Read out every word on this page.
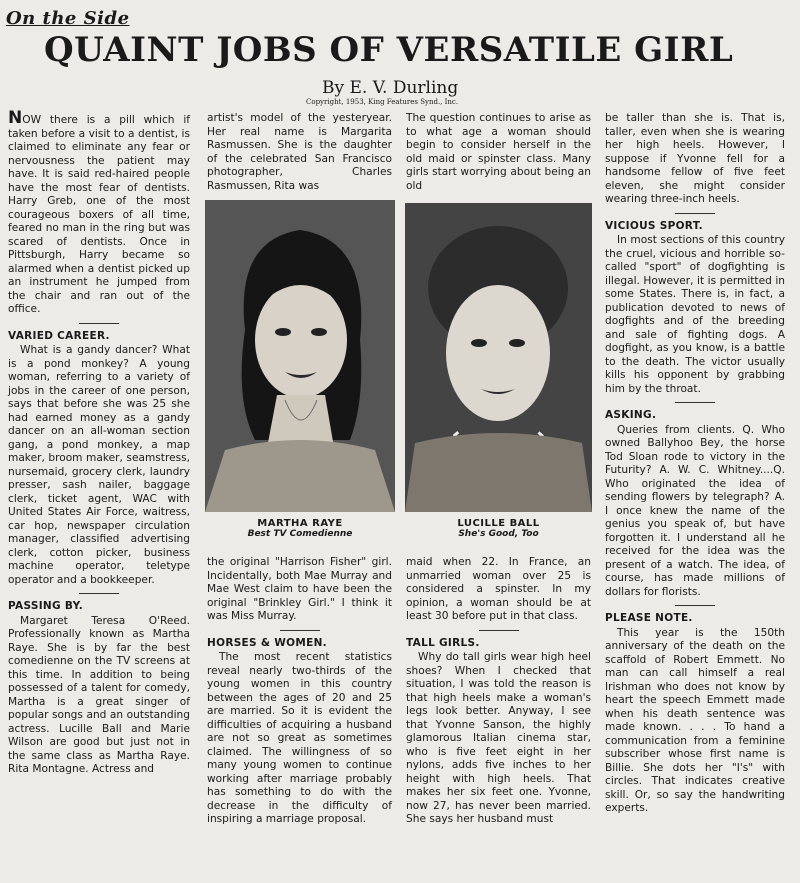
On the Side
QUAINT JOBS OF VERSATILE GIRL
By E. V. Durling
Copyright, 1953, King Features Synd., Inc.

NOW there is a pill which if taken before a visit to a dentist, is claimed to eliminate any fear or nervousness the patient may have. It is said red-haired people have the most fear of dentists. Harry Greb, one of the most courageous boxers of all time, feared no man in the ring but was scared of dentists. Once in Pittsburgh, Harry became so alarmed when a dentist picked up an instrument he jumped from the chair and ran out of the office.

VARIED CAREER.

What is a gandy dancer? What is a pond monkey? A young woman, referring to a variety of jobs in the career of one person, says that before she was 25 she had earned money as a gandy dancer on an all-woman section gang, a pond monkey, a map maker, broom maker, seamstress, nursemaid, grocery clerk, laundry presser, sash nailer, baggage clerk, ticket agent, WAC with United States Air Force, waitress, car hop, newspaper circulation manager, classified advertising clerk, cotton picker, business machine operator, teletype operator and a bookkeeper.

PASSING BY.

Margaret Teresa O'Reed. Professionally known as Martha Raye. She is by far the best comedienne on the TV screens at this time. In addition to being possessed of a talent for comedy, Martha is a great singer of popular songs and an outstanding actress. Lucille Ball and Marie Wilson are good but just not in the same class as Martha Raye. Rita Montagne. Actress and

artist's model of the yesteryear. Her real name is Margarita Rasmussen. She is the daughter of the celebrated San Francisco photographer, Charles Rasmussen, Rita was

The question continues to arise as to what age a woman should begin to consider herself in the old maid or spinster class. Many girls start worrying about being an old

MARTHA RAYE
Best TV Comedienne
LUCILLE BALL
She's Good, Too

the original "Harrison Fisher" girl. Incidentally, both Mae Murray and Mae West claim to have been the original "Brinkley Girl." I think it was Miss Murray.

HORSES & WOMEN.

The most recent statistics reveal nearly two-thirds of the young women in this country between the ages of 20 and 25 are married. So it is evident the difficulties of acquiring a husband are not so great as sometimes claimed. The willingness of so many young women to continue working after marriage probably has something to do with the decrease in the difficulty of inspiring a marriage proposal.

maid when 22. In France, an unmarried woman over 25 is considered a spinster. In my opinion, a woman should be at least 30 before put in that class.

TALL GIRLS.

Why do tall girls wear high heel shoes? When I checked that situation, I was told the reason is that high heels make a woman's legs look better. Anyway, I see that Yvonne Sanson, the highly glamorous Italian cinema star, who is five feet eight in her nylons, adds five inches to her height with high heels. That makes her six feet one. Yvonne, now 27, has never been married. She says her husband must

be taller than she is. That is, taller, even when she is wearing her high heels. However, I suppose if Yvonne fell for a handsome fellow of five feet eleven, she might consider wearing three-inch heels.

VICIOUS SPORT.

In most sections of this country the cruel, vicious and horrible so-called "sport" of dogfighting is illegal. However, it is permitted in some States. There is, in fact, a publication devoted to news of dogfights and of the breeding and sale of fighting dogs. A dogfight, as you know, is a battle to the death. The victor usually kills his opponent by grabbing him by the throat.

ASKING.

Queries from clients. Q. Who owned Ballyhoo Bey, the horse Tod Sloan rode to victory in the Futurity? A. W. C. Whitney....Q. Who originated the idea of sending flowers by telegraph? A. I once knew the name of the genius you speak of, but have forgotten it. I understand all he received for the idea was the present of a watch. The idea, of course, has made millions of dollars for florists.

PLEASE NOTE.

This year is the 150th anniversary of the death on the scaffold of Robert Emmett. No man can call himself a real Irishman who does not know by heart the speech Emmett made when his death sentence was made known. . . . To hand a communication from a feminine subscriber whose first name is Billie. She dots her "I's" with circles. That indicates creative skill. Or, so say the handwriting experts.
